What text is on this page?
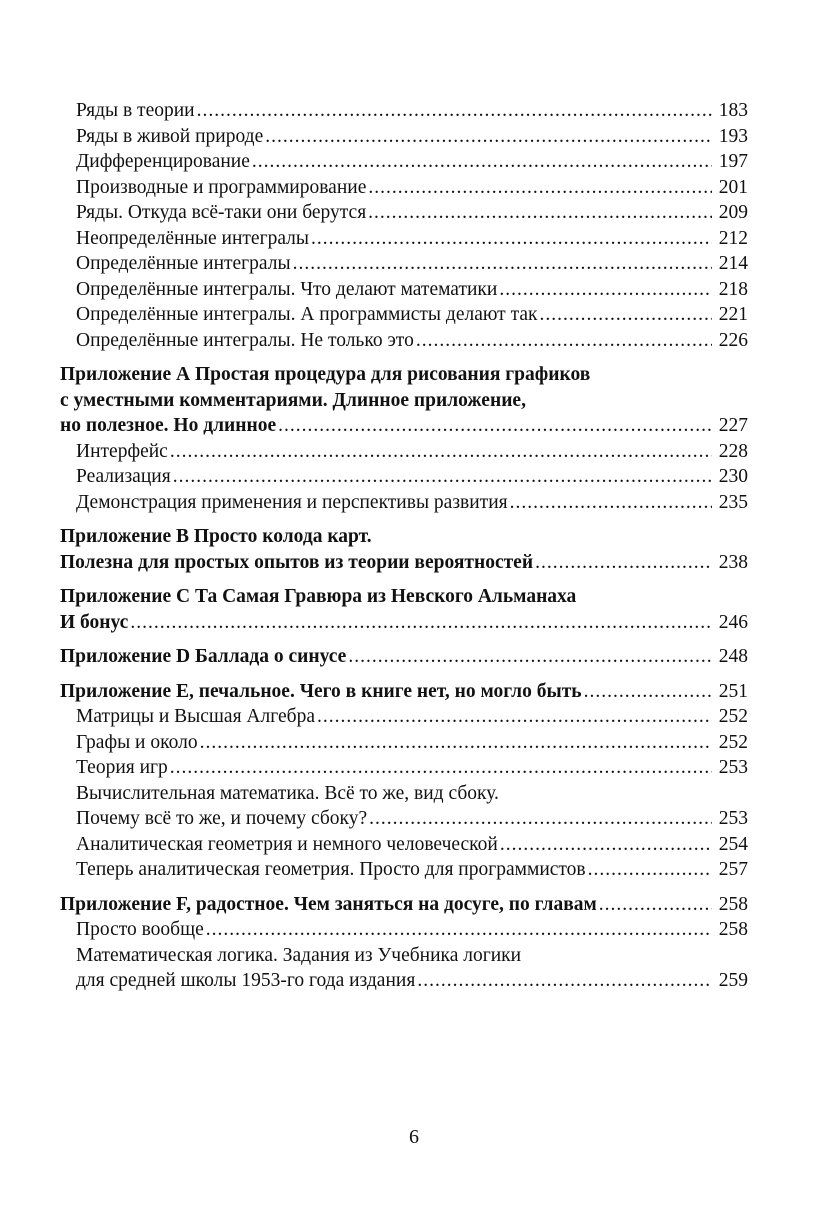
Ряды в теории .....	183
Ряды в живой природе .....	193
Дифференцирование .....	197
Производные и программирование .....	201
Ряды. Откуда всё-таки они берутся .....	209
Неопределённые интегралы .....	212
Определённые интегралы .....	214
Определённые интегралы. Что делают математики .....	218
Определённые интегралы. А программисты делают так .....	221
Определённые интегралы. Не только это .....	226
Приложение А Простая процедура для рисования графиков
с уместными комментариями. Длинное приложение,
но полезное. Но длинное .....	227
Интерфейс .....	228
Реализация .....	230
Демонстрация применения и перспективы развития .....	235
Приложение B Просто колода карт.
Полезна для простых опытов из теории вероятностей .....	238
Приложение C Та Самая Гравюра из Невского Альманаха
И бонус .....	246
Приложение D Баллада о синусе .....	248
Приложение E, печальное. Чего в книге нет, но могло быть .....	251
Матрицы и Высшая Алгебра .....	252
Графы и около .....	252
Теория игр .....	253
Вычислительная математика. Всё то же, вид сбоку.
Почему всё то же, и почему сбоку? .....	253
Аналитическая геометрия и немного человеческой .....	254
Теперь аналитическая геометрия. Просто для программистов .....	257
Приложение F, радостное. Чем заняться на досуге, по главам .....	258
Просто вообще .....	258
Математическая логика. Задания из Учебника логики
для средней школы 1953-го года издания .....	259
6
